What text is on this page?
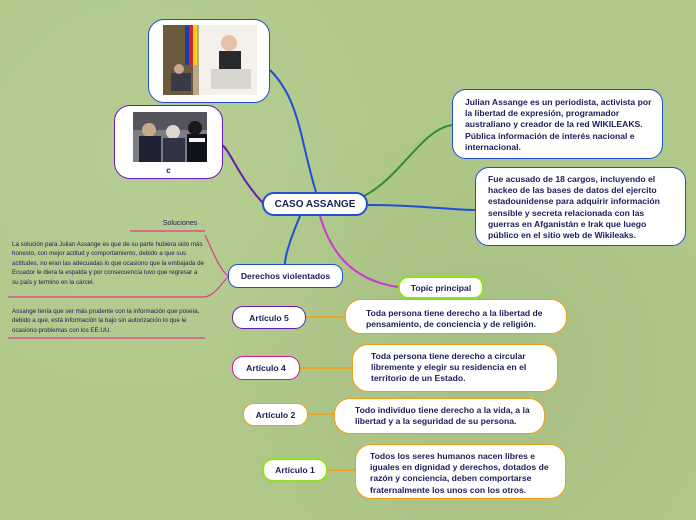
c
CASO ASSANGE
Julian Assange es un periodista, activista por la libertad de expresión, programador australiano y creador de la red WIKILEAKS. Pública información de interés nacional e internacional.
Fue acusado de 18 cargos, incluyendo el hackeo de las bases de datos del ejercito estadounidense para adquirir información sensible y secreta relacionada con las guerras en Afganistán e Irak que luego público en el sitio web de Wikileaks.
Soluciones
La solución para Julian Assange es que de su parte hubiera sido más honesto, con mejor actitud y comportamiento, debido a que sus actitudes, no eran las adecuadas lo que ocasiono que la embajada de Ecuador le diera la espalda y por consecuencia tuvo que regresar a su país y termino en la cárcel.
Assange tenía que ser más prudente con la información que poseía, debido a que, está información la bajo sin autorización lo que le ocasiono problemas con los EE.UU.
Derechos violentados
Topic principal
Artículo 5	Toda persona tiene derecho a la libertad de pensamiento, de conciencia y de religión.
Artículo 4
Toda persona tiene derecho a circular libremente y elegir su residencia en el territorio de un Estado.
Artículo 2	Todo individuo tiene derecho a la vida, a la libertad y a la seguridad de su persona.
Artículo 1
Todos los seres humanos nacen libres e iguales en dignidad y derechos, dotados de razón y conciencia, deben comportarse fraternalmente los unos con los otros.
